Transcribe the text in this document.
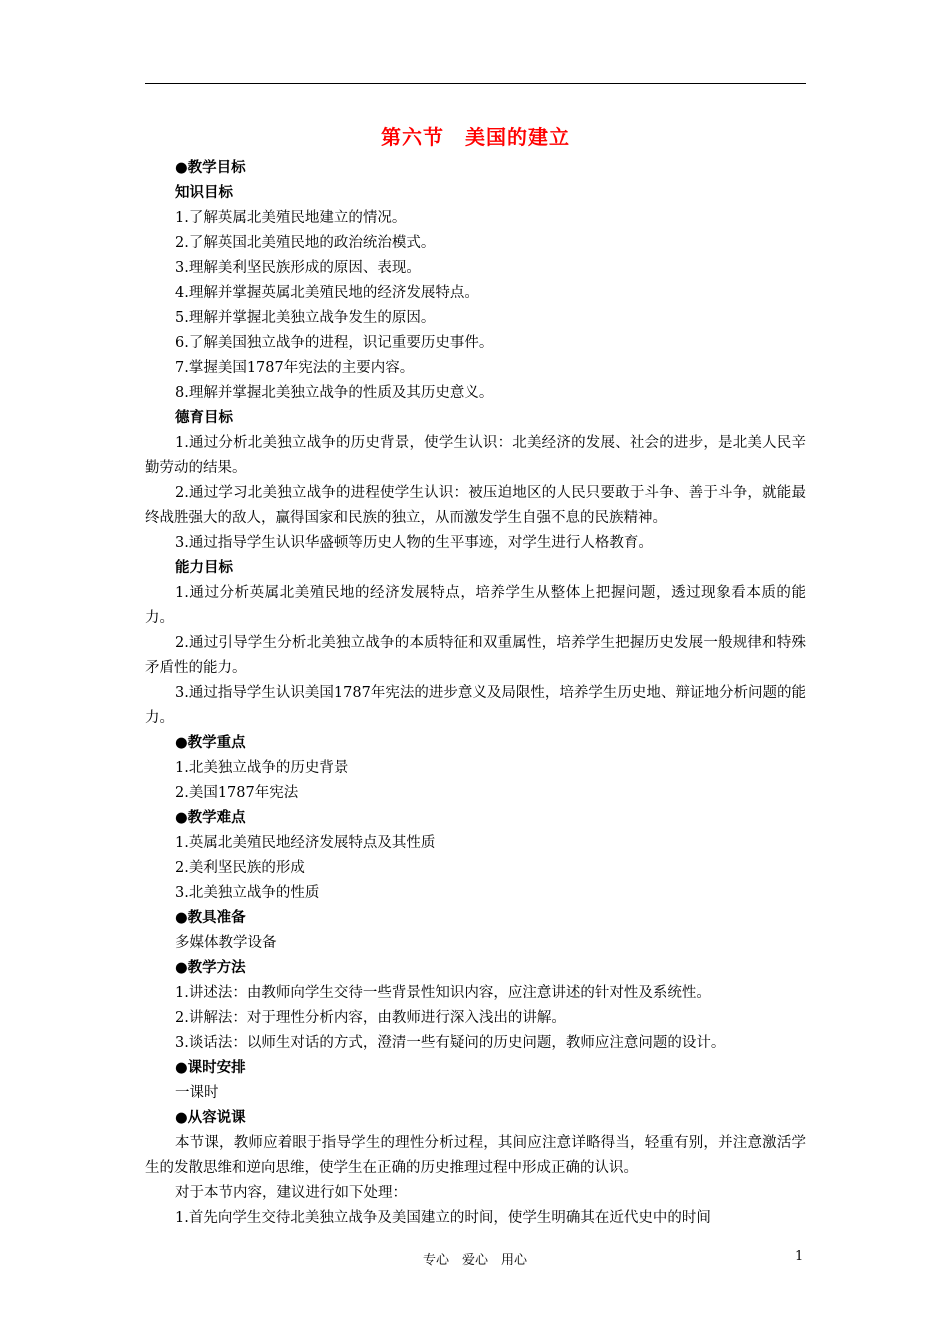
第六节　美国的建立
●教学目标
知识目标
1.了解英属北美殖民地建立的情况。
2.了解英国北美殖民地的政治统治模式。
3.理解美利坚民族形成的原因、表现。
4.理解并掌握英属北美殖民地的经济发展特点。
5.理解并掌握北美独立战争发生的原因。
6.了解美国独立战争的进程，识记重要历史事件。
7.掌握美国1787年宪法的主要内容。
8.理解并掌握北美独立战争的性质及其历史意义。
德育目标
1.通过分析北美独立战争的历史背景，使学生认识：北美经济的发展、社会的进步，是北美人民辛勤劳动的结果。
2.通过学习北美独立战争的进程使学生认识：被压迫地区的人民只要敢于斗争、善于斗争，就能最终战胜强大的敌人，赢得国家和民族的独立，从而激发学生自强不息的民族精神。
3.通过指导学生认识华盛顿等历史人物的生平事迹，对学生进行人格教育。
能力目标
1.通过分析英属北美殖民地的经济发展特点，培养学生从整体上把握问题，透过现象看本质的能力。
2.通过引导学生分析北美独立战争的本质特征和双重属性，培养学生把握历史发展一般规律和特殊矛盾性的能力。
3.通过指导学生认识美国1787年宪法的进步意义及局限性，培养学生历史地、辩证地分析问题的能力。
●教学重点
1.北美独立战争的历史背景
2.美国1787年宪法
●教学难点
1.英属北美殖民地经济发展特点及其性质
2.美利坚民族的形成
3.北美独立战争的性质
●教具准备
多媒体教学设备
●教学方法
1.讲述法：由教师向学生交待一些背景性知识内容，应注意讲述的针对性及系统性。
2.讲解法：对于理性分析内容，由教师进行深入浅出的讲解。
3.谈话法：以师生对话的方式，澄清一些有疑问的历史问题，教师应注意问题的设计。
●课时安排
一课时
●从容说课
本节课，教师应着眼于指导学生的理性分析过程，其间应注意详略得当，轻重有别，并注意激活学生的发散思维和逆向思维，使学生在正确的历史推理过程中形成正确的认识。
对于本节内容，建议进行如下处理：
1.首先向学生交待北美独立战争及美国建立的时间，使学生明确其在近代史中的时间
专心　爱心　用心	1
